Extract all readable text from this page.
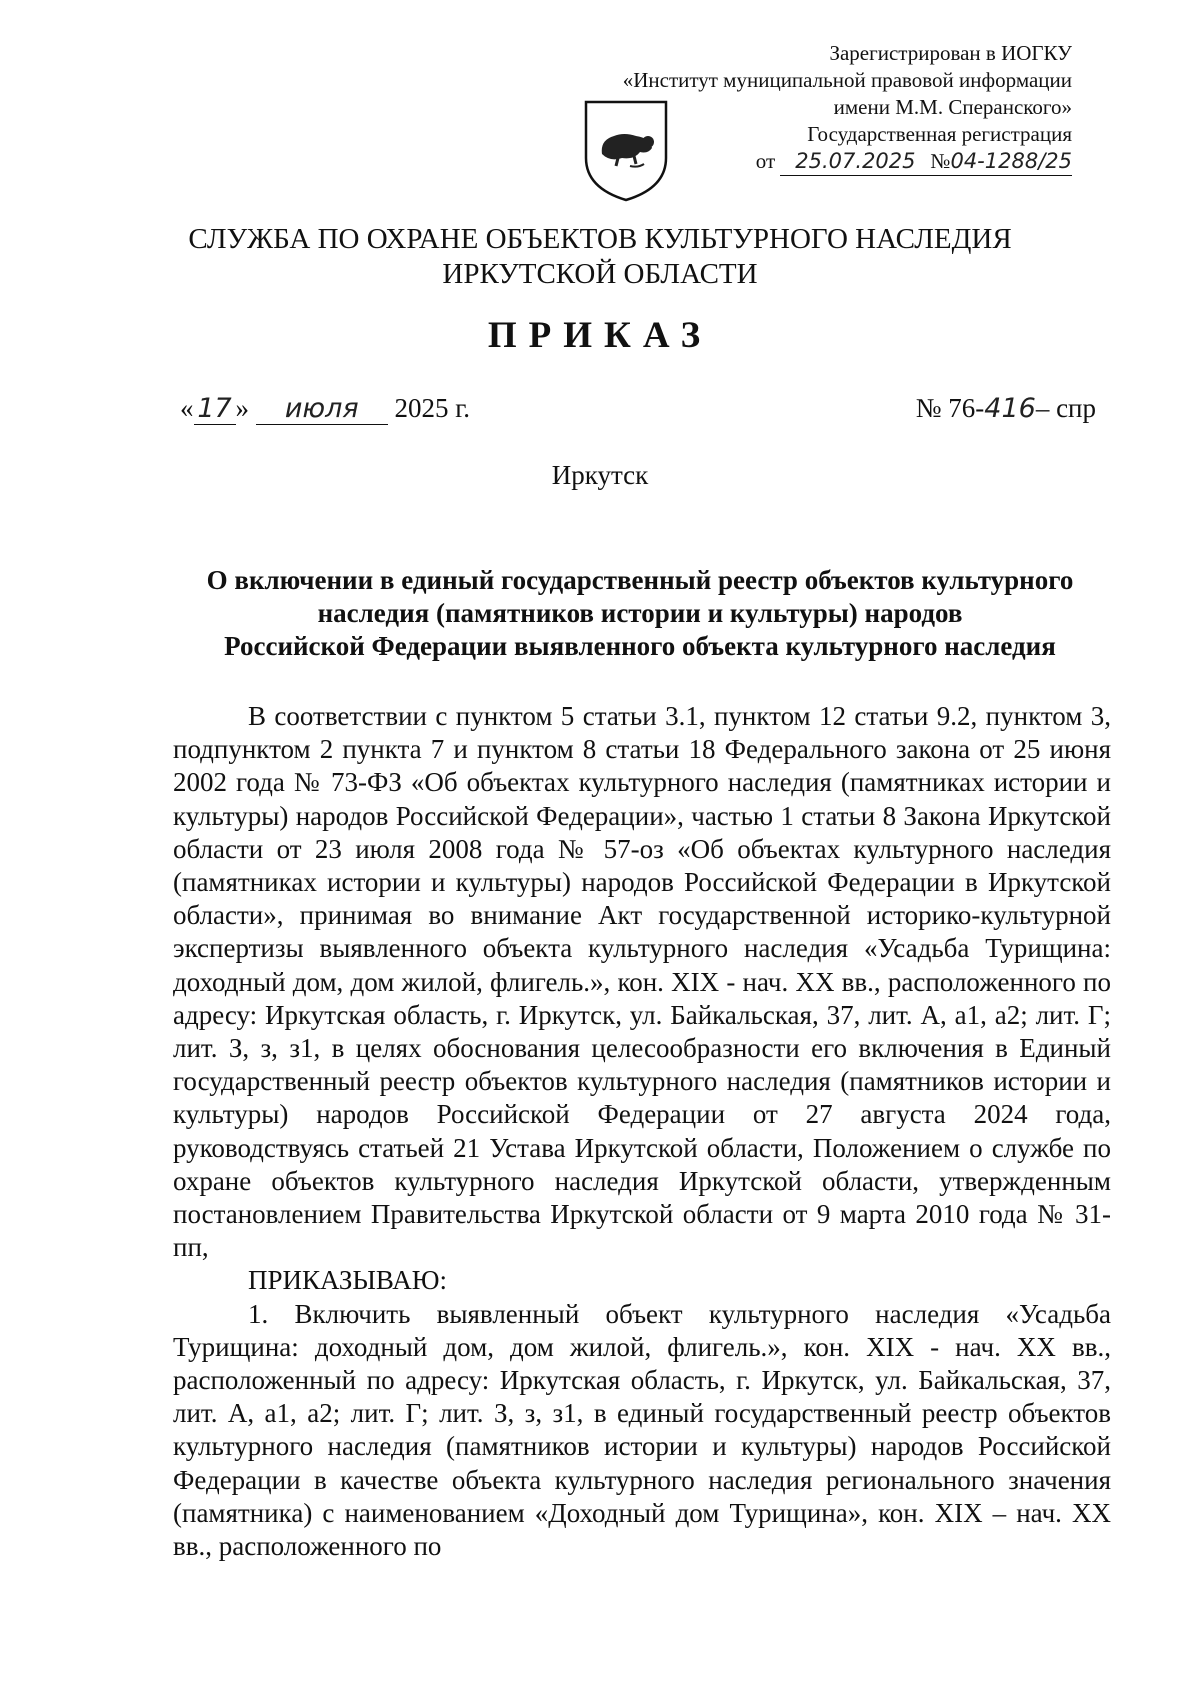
Зарегистрирован в ИОГКУ
«Институт муниципальной правовой информации
имени М.М. Сперанского»
Государственная регистрация
от 25.07.2025 №04-1288/25
СЛУЖБА ПО ОХРАНЕ ОБЪЕКТОВ КУЛЬТУРНОГО НАСЛЕДИЯ
ИРКУТСКОЙ ОБЛАСТИ
ПРИКАЗ
« 17 » июля 2025 г.	№ 76-416– спр
Иркутск
О включении в единый государственный реестр объектов культурного
наследия (памятников истории и культуры) народов
Российской Федерации выявленного объекта культурного наследия

В соответствии с пунктом 5 статьи 3.1, пунктом 12 статьи 9.2, пунктом 3, подпунктом 2 пункта 7 и пунктом 8 статьи 18 Федерального закона от 25 июня 2002 года № 73-ФЗ «Об объектах культурного наследия (памятниках истории и культуры) народов Российской Федерации», частью 1 статьи 8 Закона Иркутской области от 23 июля 2008 года № 57-оз «Об объектах культурного наследия (памятниках истории и культуры) народов Российской Федерации в Иркутской области», принимая во внимание Акт государственной историко-культурной экспертизы выявленного объекта культурного наследия «Усадьба Турищина: доходный дом, дом жилой, флигель.», кон. XIX - нач. XX вв., расположенного по адресу: Иркутская область, г. Иркутск, ул. Байкальская, 37, лит. А, а1, а2; лит. Г; лит. З, з, з1, в целях обоснования целесообразности его включения в Единый государственный реестр объектов культурного наследия (памятников истории и культуры) народов Российской Федерации от 27 августа 2024 года, руководствуясь статьей 21 Устава Иркутской области, Положением о службе по охране объектов культурного наследия Иркутской области, утвержденным постановлением Правительства Иркутской области от 9 марта 2010 года № 31-пп,

ПРИКАЗЫВАЮ:

1. Включить выявленный объект культурного наследия «Усадьба Турищина: доходный дом, дом жилой, флигель.», кон. XIX - нач. XX вв., расположенный по адресу: Иркутская область, г. Иркутск, ул. Байкальская, 37, лит. А, а1, а2; лит. Г; лит. З, з, з1, в единый государственный реестр объектов культурного наследия (памятников истории и культуры) народов Российской Федерации в качестве объекта культурного наследия регионального значения (памятника) с наименованием «Доходный дом Турищина», кон. XIX – нач. XX вв., расположенного по
